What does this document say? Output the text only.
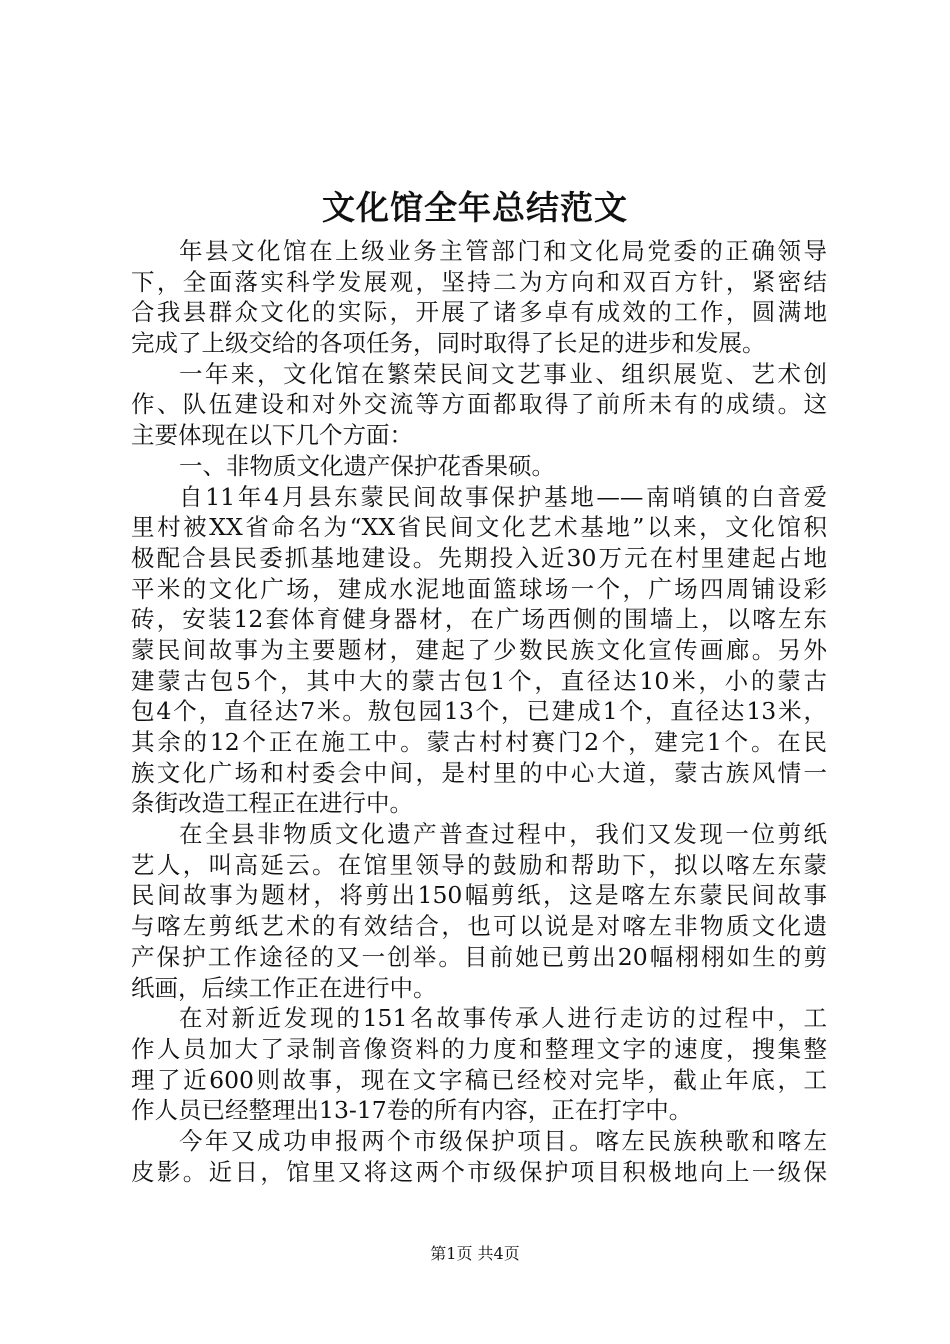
文化馆全年总结范文
年县文化馆在上级业务主管部门和文化局党委的正确领导
下，全面落实科学发展观，坚持二为方向和双百方针，紧密结
合我县群众文化的实际，开展了诸多卓有成效的工作，圆满地
完成了上级交给的各项任务，同时取得了长足的进步和发展。
一年来，文化馆在繁荣民间文艺事业、组织展览、艺术创
作、队伍建设和对外交流等方面都取得了前所未有的成绩。这
主要体现在以下几个方面：
一、非物质文化遗产保护花香果硕。
自11年4月县东蒙民间故事保护基地——南哨镇的白音爱
里村被XX省命名为“XX省民间文化艺术基地”以来，文化馆积
极配合县民委抓基地建设。先期投入近30万元在村里建起占地
平米的文化广场，建成水泥地面篮球场一个，广场四周铺设彩
砖，安装12套体育健身器材，在广场西侧的围墙上，以喀左东
蒙民间故事为主要题材，建起了少数民族文化宣传画廊。另外
建蒙古包5个，其中大的蒙古包1个，直径达10米，小的蒙古
包4个，直径达7米。敖包园13个，已建成1个，直径达13米，
其余的12个正在施工中。蒙古村村赛门2个，建完1个。在民
族文化广场和村委会中间，是村里的中心大道，蒙古族风情一
条街改造工程正在进行中。
在全县非物质文化遗产普查过程中，我们又发现一位剪纸
艺人，叫高延云。在馆里领导的鼓励和帮助下，拟以喀左东蒙
民间故事为题材，将剪出150幅剪纸，这是喀左东蒙民间故事
与喀左剪纸艺术的有效结合，也可以说是对喀左非物质文化遗
产保护工作途径的又一创举。目前她已剪出20幅栩栩如生的剪
纸画，后续工作正在进行中。
在对新近发现的151名故事传承人进行走访的过程中，工
作人员加大了录制音像资料的力度和整理文字的速度，搜集整
理了近600则故事，现在文字稿已经校对完毕，截止年底，工
作人员已经整理出13-17卷的所有内容，正在打字中。
今年又成功申报两个市级保护项目。喀左民族秧歌和喀左
皮影。近日，馆里又将这两个市级保护项目积极地向上一级保
第1页 共4页
